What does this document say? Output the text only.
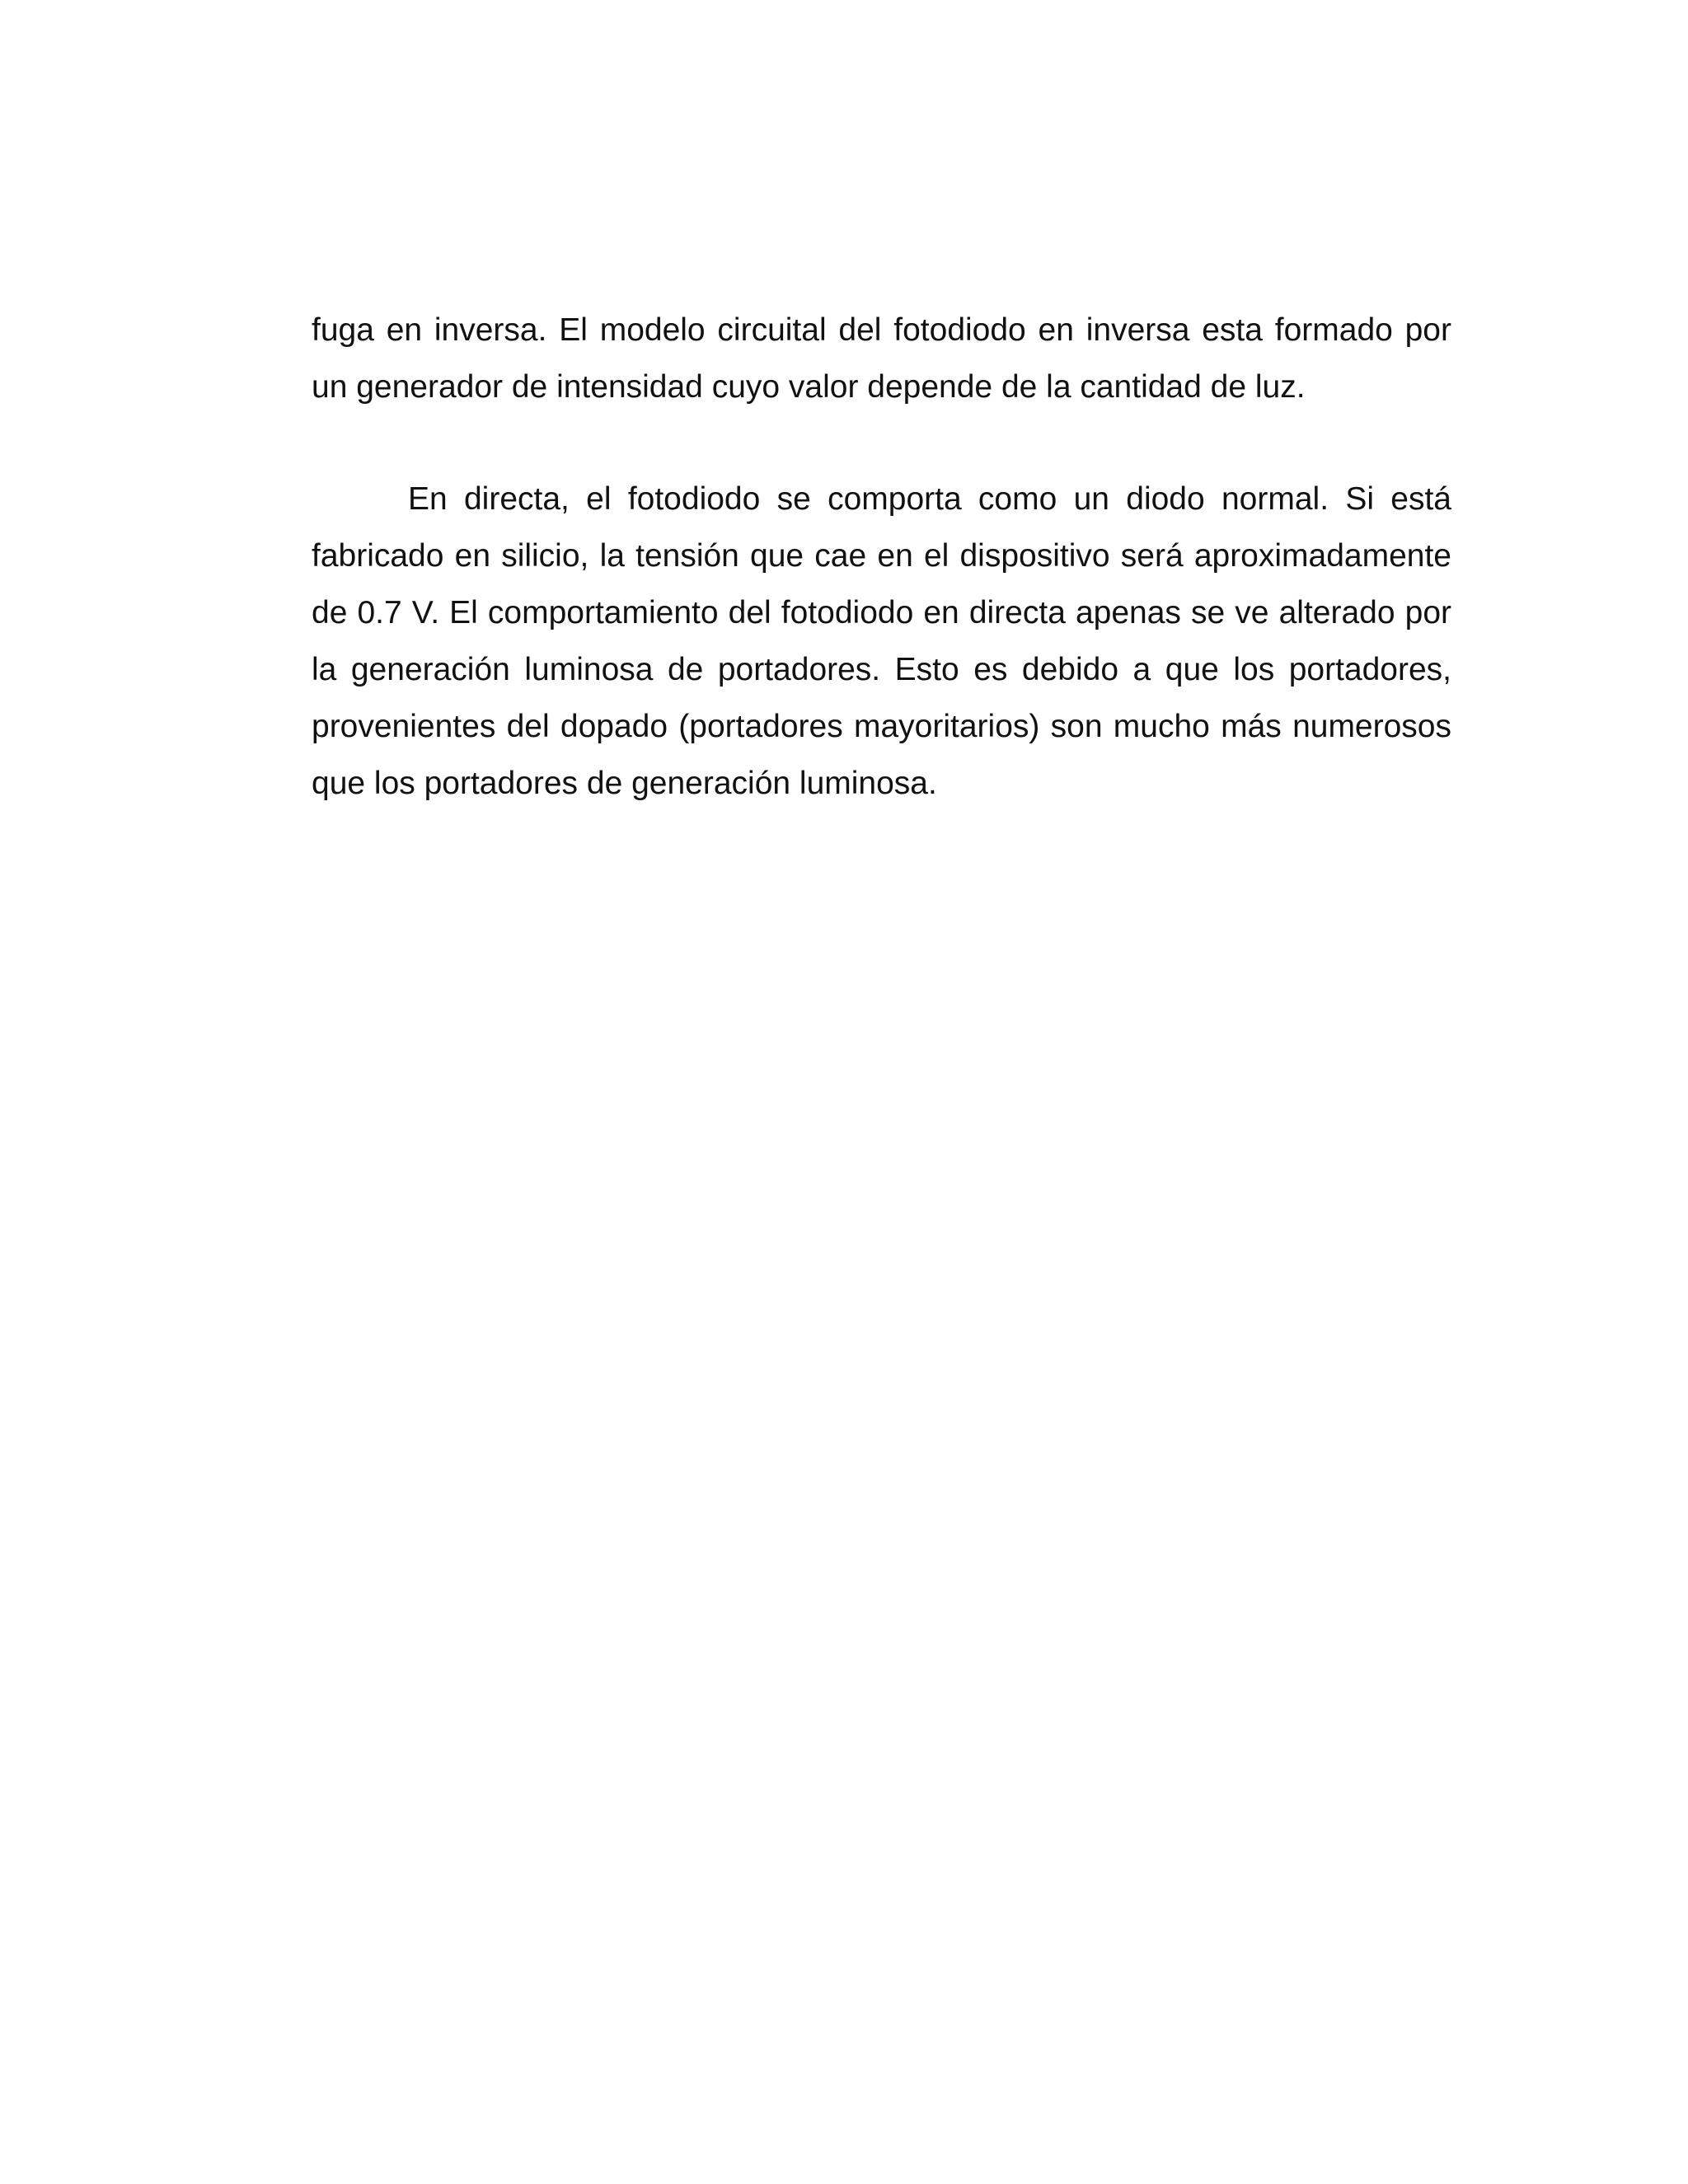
fuga en inversa. El modelo circuital del fotodiodo en inversa esta formado por un generador de intensidad cuyo valor depende de la cantidad de luz.

En directa, el fotodiodo se comporta como un diodo normal. Si está fabricado en silicio, la tensión que cae en el dispositivo será aproximadamente de 0.7 V. El comportamiento del fotodiodo en directa apenas se ve alterado por la generación luminosa de portadores. Esto es debido a que los portadores, provenientes del dopado (portadores mayoritarios) son mucho más numerosos que los portadores de generación luminosa.
